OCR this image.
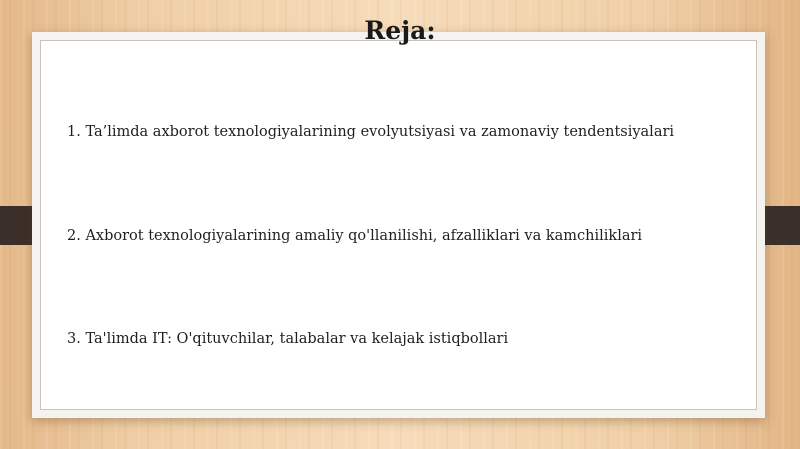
Reja:
1. Ta’limda axborot texnologiyalarining evolyutsiyasi va zamonaviy tendentsiyalari
2. Axborot texnologiyalarining amaliy qo'llanilishi, afzalliklari va kamchiliklari
3. Ta'limda IT: O'qituvchilar, talabalar va kelajak istiqbollari
